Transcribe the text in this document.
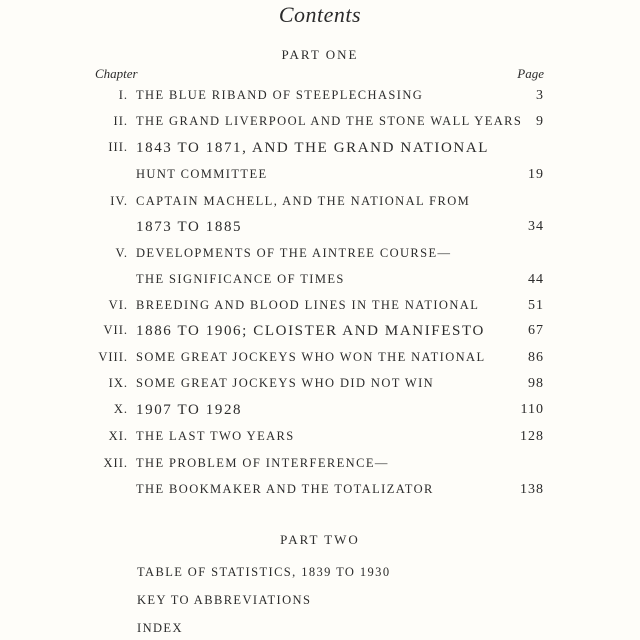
Contents
PART ONE
Chapter	Page
I. THE BLUE RIBAND OF STEEPLECHASING	3
II. THE GRAND LIVERPOOL AND THE STONE WALL YEARS 9
III. 1843 TO 1871, AND THE GRAND NATIONAL
HUNT COMMITTEE	19
IV. CAPTAIN MACHELL, AND THE NATIONAL FROM
1873 TO 1885	34
V. DEVELOPMENTS OF THE AINTREE COURSE—
THE SIGNIFICANCE OF TIMES	44
VI. BREEDING AND BLOOD LINES IN THE NATIONAL	51
VII. 1886 TO 1906; CLOISTER AND MANIFESTO	67
VIII. SOME GREAT JOCKEYS WHO WON THE NATIONAL	86
IX. SOME GREAT JOCKEYS WHO DID NOT WIN	98
X. 1907 TO 1928	110
XI. THE LAST TWO YEARS	128
XII. THE PROBLEM OF INTERFERENCE—
THE BOOKMAKER AND THE TOTALIZATOR	138
PART TWO
TABLE OF STATISTICS, 1839 TO 1930
KEY TO ABBREVIATIONS
INDEX
